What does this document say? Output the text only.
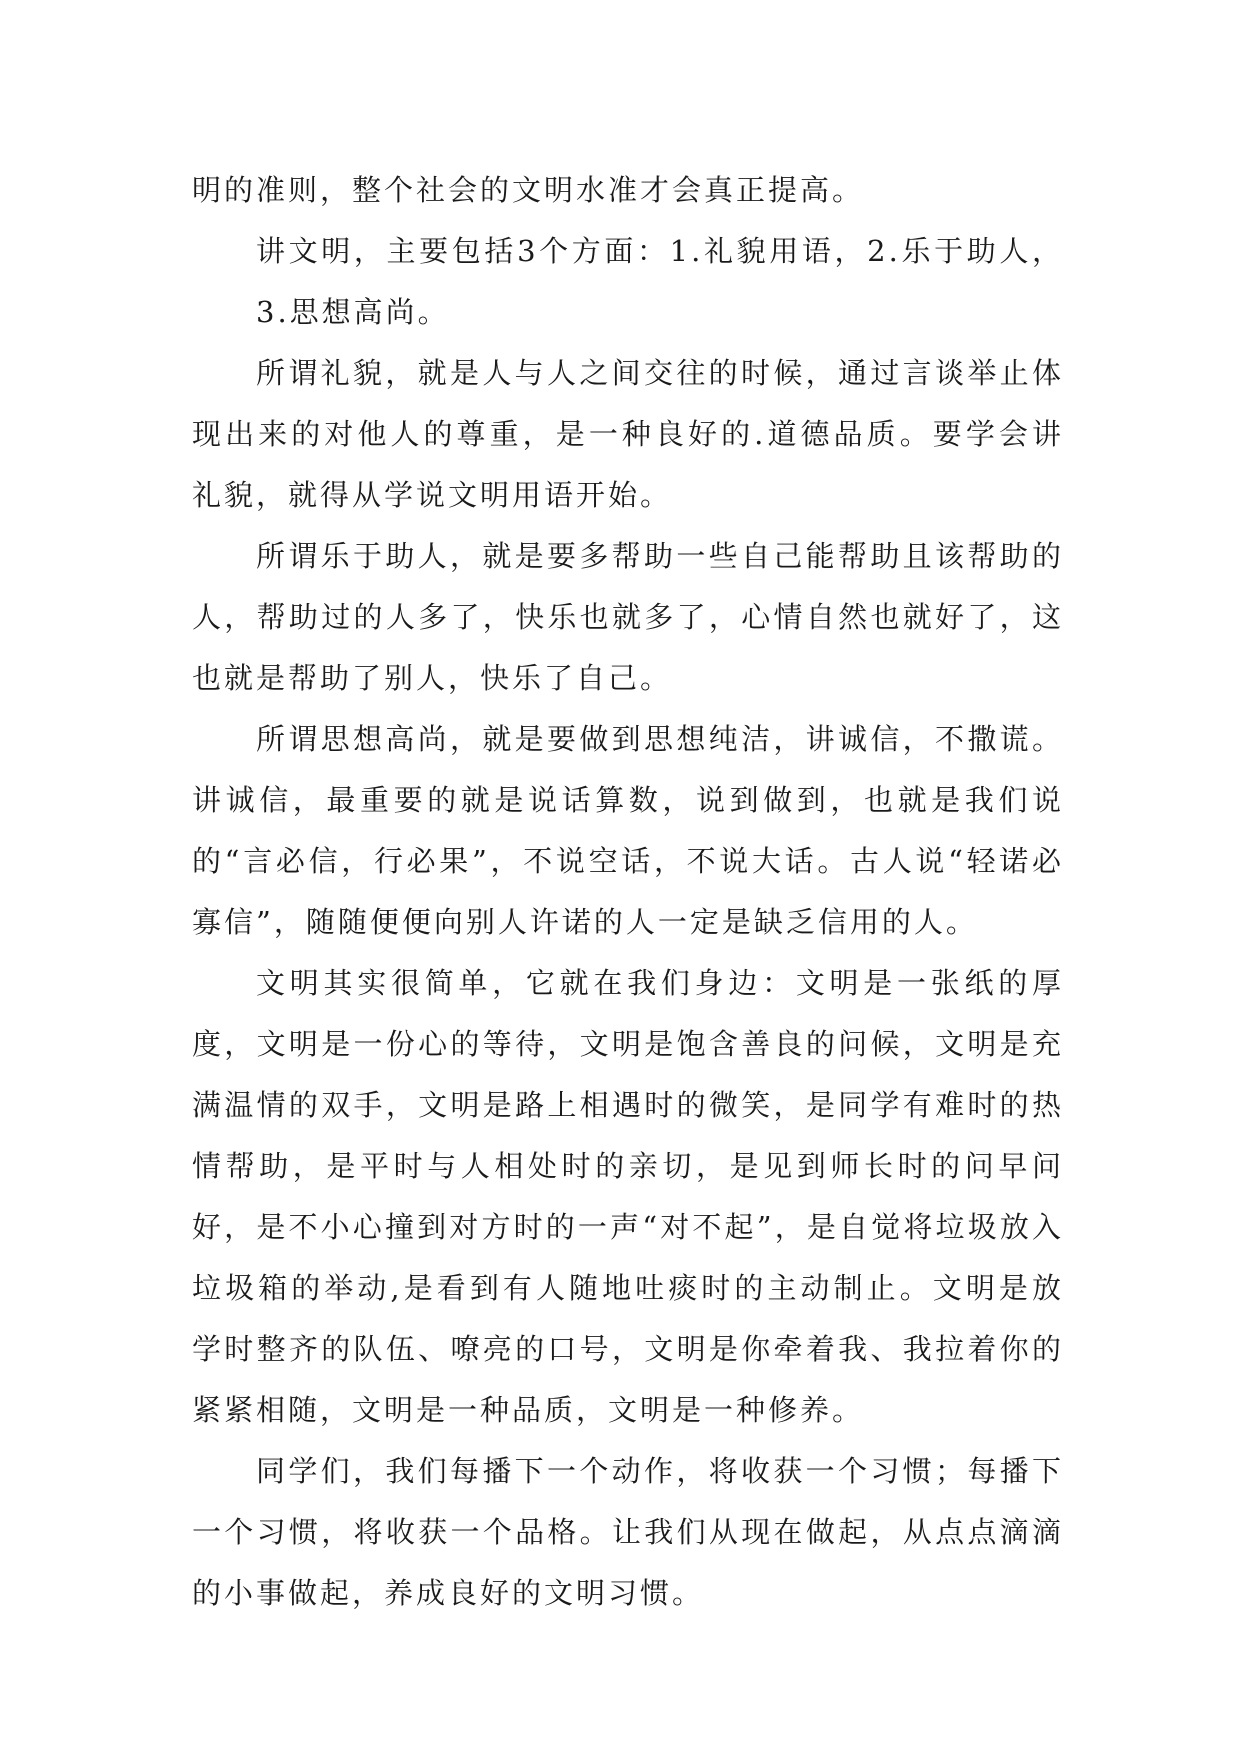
明的准则，整个社会的文明水准才会真正提高。

讲文明，主要包括3个方面：1.礼貌用语，2.乐于助人，3.思想高尚。

所谓礼貌，就是人与人之间交往的时候，通过言谈举止体现出来的对他人的尊重，是一种良好的.道德品质。要学会讲礼貌，就得从学说文明用语开始。

所谓乐于助人，就是要多帮助一些自己能帮助且该帮助的人，帮助过的人多了，快乐也就多了，心情自然也就好了，这也就是帮助了别人，快乐了自己。

所谓思想高尚，就是要做到思想纯洁，讲诚信，不撒谎。讲诚信，最重要的就是说话算数，说到做到，也就是我们说的“言必信，行必果”，不说空话，不说大话。古人说“轻诺必寡信”，随随便便向别人许诺的人一定是缺乏信用的人。

文明其实很简单，它就在我们身边：文明是一张纸的厚度，文明是一份心的等待，文明是饱含善良的问候，文明是充满温情的双手，文明是路上相遇时的微笑，是同学有难时的热情帮助，是平时与人相处时的亲切，是见到师长时的问早问好，是不小心撞到对方时的一声“对不起”，是自觉将垃圾放入垃圾箱的举动,是看到有人随地吐痰时的主动制止。文明是放学时整齐的队伍、嘹亮的口号，文明是你牵着我、我拉着你的紧紧相随，文明是一种品质，文明是一种修养。

同学们，我们每播下一个动作，将收获一个习惯；每播下一个习惯，将收获一个品格。让我们从现在做起，从点点滴滴的小事做起，养成良好的文明习惯。
